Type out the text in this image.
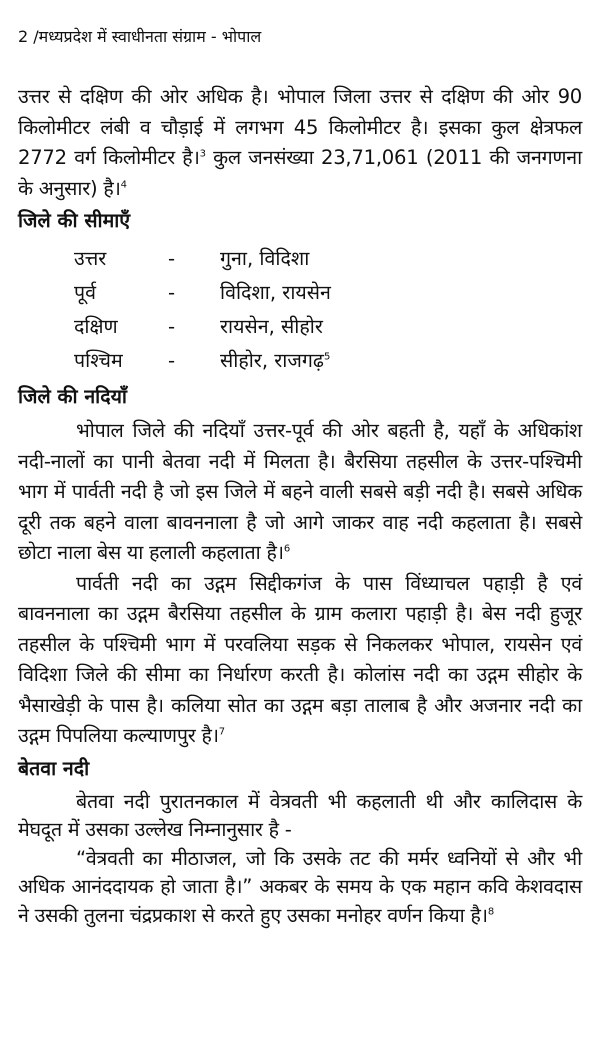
2 /मध्यप्रदेश में स्वाधीनता संग्राम - भोपाल

उत्तर से दक्षिण की ओर अधिक है। भोपाल जिला उत्तर से दक्षिण की ओर 90 किलोमीटर लंबी व चौड़ाई में लगभग 45 किलोमीटर है। इसका कुल क्षेत्रफल 2772 वर्ग किलोमीटर है।$^3$ कुल जनसंख्या 23,71,061 (2011 की जनगणना के अनुसार) है।$^4$

जिले की सीमाएँ
उत्तर	-	गुना, विदिशा
पूर्व	-	विदिशा, रायसेन
दक्षिण	-	रायसेन, सीहोर
पश्चिम	-	सीहोर, राजगढ़$^5$
जिले की नदियाँ

भोपाल जिले की नदियाँ उत्तर-पूर्व की ओर बहती है, यहाँ के अधिकांश नदी-नालों का पानी बेतवा नदी में मिलता है। बैरसिया तहसील के उत्तर-पश्चिमी भाग में पार्वती नदी है जो इस जिले में बहने वाली सबसे बड़ी नदी है। सबसे अधिक दूरी तक बहने वाला बावननाला है जो आगे जाकर वाह नदी कहलाता है। सबसे छोटा नाला बेस या हलाली कहलाता है।$^6$

पार्वती नदी का उद्गम सिद्दीकगंज के पास विंध्याचल पहाड़ी है एवं बावननाला का उद्गम बैरसिया तहसील के ग्राम कलारा पहाड़ी है। बेस नदी हुजूर तहसील के पश्चिमी भाग में परवलिया सड़क से निकलकर भोपाल, रायसेन एवं विदिशा जिले की सीमा का निर्धारण करती है। कोलांस नदी का उद्गम सीहोर के भैसाखेड़ी के पास है। कलिया सोत का उद्गम बड़ा तालाब है और अजनार नदी का उद्गम पिपलिया कल्याणपुर है।$^7$

बेतवा नदी

बेतवा नदी पुरातनकाल में वेत्रवती भी कहलाती थी और कालिदास के मेघदूत में उसका उल्लेख निम्नानुसार है -

“वेत्रवती का मीठाजल, जो कि उसके तट की मर्मर ध्वनियों से और भी अधिक आनंददायक हो जाता है।” अकबर के समय के एक महान कवि केशवदास ने उसकी तुलना चंद्रप्रकाश से करते हुए उसका मनोहर वर्णन किया है।$^8$
